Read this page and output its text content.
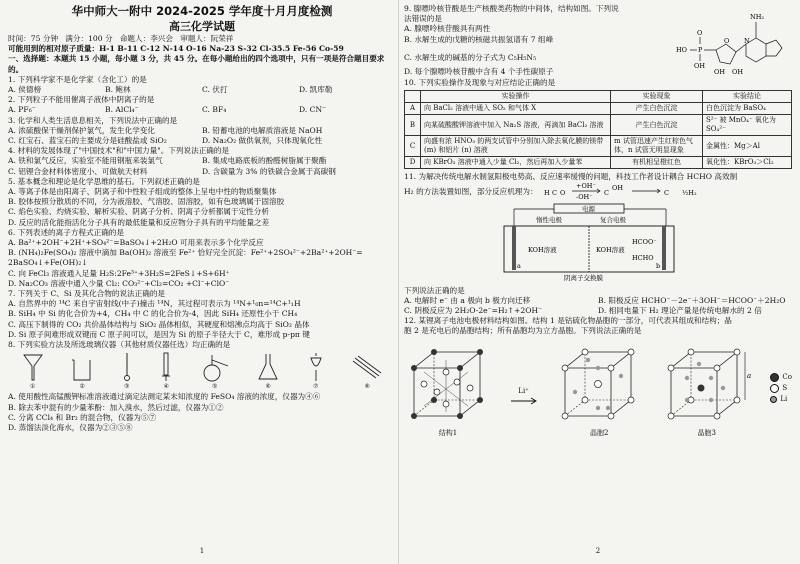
华中师大一附中 2024-2025 学年度十月月度检测
高三化学试题
时间：75 分钟 满分：100 分 命题人：李兴会 审题人：阮荣祥
可能用到的相对原子质量：H-1 B-11 C-12 N-14 O-16 Na-23 S-32 Cl-35.5 Fe-56 Co-59
一、选择题：本题共 15 小题，每小题 3 分，共 45 分。在每小题给出的四个选项中，只有一项是符合题目要求的。
1. 下列科学家不是化学家（含化工）的是
A. 侯德榜	B. 鲍林	C. 伏打	D. 凯库勒
2. 下列粒子不能用催离子液体中阴离子的是
A. PF₆⁻	B. AlCl₄⁻	C. BF₄	D. CN⁻
3. 化学和人类生活息息相关，下列说法中正确的是
A. 浓硫酸保干燥剂保护氯气，发生化学变化	B. 铅蓄电池的电解质溶液是 NaOH
C. 红宝石、蓝宝石的主要成分是硅酸盐或 SiO₂	D. Na₂O₂ 做供氧剂，只体现氧化性
4. 材料的发展体现了"中国技术"和"中国力量"。下列说法正确的是
A. 铁和氯气反应，实验室不能用钢瓶来装氯气	B. 集成电路底板的酚醛树脂属于聚酯
C. 铝锂合金材料体密度小、可做航天材料	D. 含碳量为 3% 的铁碳合金属于高碳钢
5. 基本概念和理论是化学思维的基石。下列叙述正确的是
A. 等离子体是由阳离子、阴离子和中性粒子组成的整体上呈电中性的物质聚集体
B. 胶体按照分散质的不同，分为液溶胶、气溶胶、固溶胶，如有色玻璃属于固溶胶
C. 焰色实验、灼烧实验、解析实验、阴离子分析、阴离子分析都属于定性分析
D. 反应的活化能指活化分子具有的最低能量和反应物分子具有的平均能量之差
6. 下列表述的离子方程式正确的是
A. Ba²⁺+2OH⁻+2H⁺+SO₄²⁻=BaSO₄↓+2H₂O 可用来表示多个化学反应
B. (NH₄)₂Fe(SO₄)₂ 溶液中滴加 Ba(OH)₂ 溶液至 Fe²⁺ 恰好完全沉淀：Fe²⁺+2SO₄²⁻+2Ba²⁺+2OH⁻=
2BaSO₄↓+Fe(OH)₂↓
C. 向 FeCl₃ 溶液通入足量 H₂S:2Fe³⁺+3H₂S=2FeS↓+S+6H⁺
D. Na₂CO₃ 溶液中通入少量 Cl₂: CO₃²⁻+Cl₂=CO₂ +Cl⁻+ClO⁻
7. 下列关于 C、Si 及其化合物的说法正确的是
A. 自然界中的 ¹⁴C 来自宇宙射线(中子)撞击 ¹⁴N，其过程可表示为 ¹⁴N+¹₀n=¹⁴C+¹₁H
B. SiH₄ 中 Si 的化合价为+4，CH₄ 中 C 的化合价为-4，因此 SiH₄ 还原性小于 CH₄
C. 高压下制得的 CO₂ 共价晶体结构与 SiO₂ 晶体相似，其硬度和熔沸点均高于 SiO₂ 晶体
D. Si 原子间难形成双键而 C 原子间可以，是因为 Si 的原子半径大于 C，难形成 p-pπ 键
8. 下列实验方法及所选玻璃仪器（其他材质仪器任选）均正确的是
①	②	③	④	⑤	⑥	⑦	⑧
A. 使用酸性高锰酸钾标准溶液通过滴定法测定某未知浓度的 FeSO₄ 溶液的浓度，仪器为④⑥
B. 除去苯中混有的少量苯酚：加入溴水，然后过滤，仪器为①②
C. 分离 CCl₄ 和 Br₂ 的混合物，仪器为⑤⑦
D. 蒸馏法淡化海水，仪器为②③⑤⑧
1
9. 腺嘌呤核苷酸是生产核酸类药物的中间体，结构如图。下列说
法错误的是
A. 腺嘌呤核苷酸具有两性
B. 水解生成的戊糖的核磁共振氢谱有 7 组峰
C. 水解生成的碱基的分子式为 C₅H₅N₅
D. 每个腺嘌呤核苷酸中含有 4 个手性碳原子
HO P
O
OH
O N
NH₂
OH OH
10. 下列实验操作及现象与对应结论正确的是
	实验操作	实验现象	实验结论
A	向 BaCl₂ 溶液中通入 SO₂ 和气体 X	产生白色沉淀	白色沉淀为 BaSO₄
B	向某硫酸酸钾溶液中加入 Na₂S 溶液，再滴加 BaCl₂ 溶液	产生白色沉淀	S²⁻ 被 MnO₄⁻ 氧化为 SO₄²⁻
C	向盛有浓 HNO₃ 的两支试管中分别加入除去氧化膜的镁带 (m) 和铝片 (n) 溶液	m 试管迅速产生红棕色气体，n 试管无明显现象	金属性：Mg＞Al
D	向 KBrO₃ 溶液中通入少量 Cl₂，然后再加入少量苯	有机相呈橙红色	氧化性：KBrO₃＞Cl₂
11. 为解决传统电解水制氢阳极电势高、反应速率缓慢的问题，科技工作者设计耦合 HCHO 高效制
H₂ 的方法装置如图，部分反应机理为： H C O
+OH⁻
-OH⁻ C
OH
C ½H₂
电源
惰性电极	复合电极
KOH溶液	KOH溶液
HCOO⁻
HCHO
a	b
阴离子交换膜
下列说法正确的是
A. 电解时 e⁻ 由 a 极向 b 极方向迁移	B. 阳极反应 HCHO⁻－2e⁻＋3OH⁻＝HCOO⁻＋2H₂O
C. 阴极反应为 2H₂O-2e⁻=H₂↑+2OH⁻	D. 相同电量下 H₂ 理论产量是传统电解水的 2 倍
12. 某锂离子电池电极材料结构如图。结构 1 是钴硫化物晶胞的一部分，可代表其组成和结构；晶
胞 2 是充电后的晶胞结构；所有晶胞均为立方晶胞。下列说法正确的是
结构1
Li⁺
晶胞2
a
晶胞3
Co
S
Li
2
